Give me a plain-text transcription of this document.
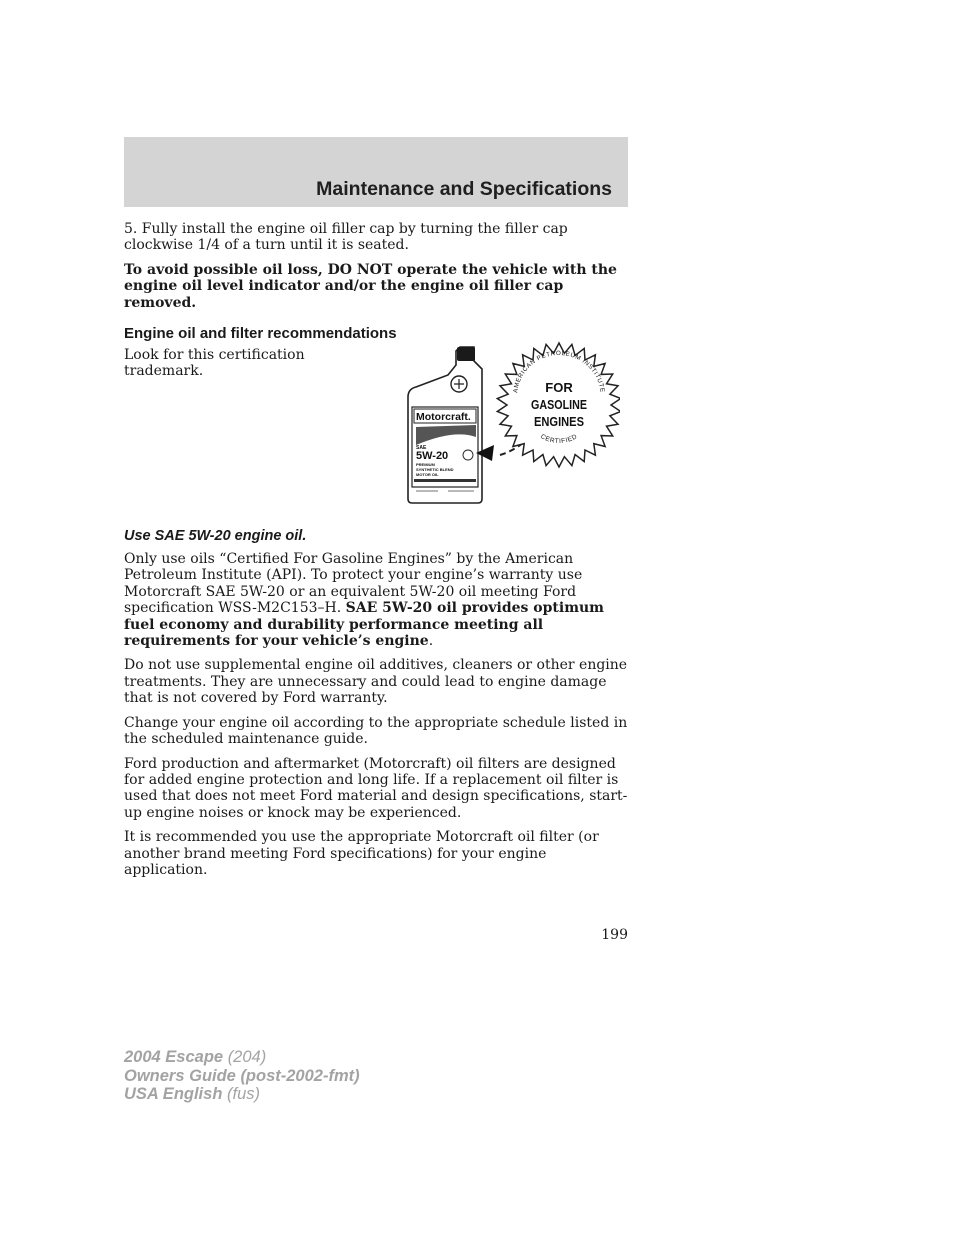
Maintenance and Specifications

5. Fully install the engine oil filler cap by turning the filler cap clockwise 1/4 of a turn until it is seated.

To avoid possible oil loss, DO NOT operate the vehicle with the engine oil level indicator and/or the engine oil filler cap removed.

Engine oil and filter recommendations

Look for this certification trademark.

Motorcraft.
SAE
5W-20
PREMIUM
SYNTHETIC BLEND
MOTOR OIL
AMERICAN PETROLEUM INSTITUTE
FOR
GASOLINE
ENGINES
CERTIFIED
Use SAE 5W-20 engine oil.

Only use oils “Certified For Gasoline Engines” by the American Petroleum Institute (API). To protect your engine’s warranty use Motorcraft SAE 5W-20 or an equivalent 5W-20 oil meeting Ford specification WSS-M2C153–H. SAE 5W-20 oil provides optimum fuel economy and durability performance meeting all requirements for your vehicle’s engine.

Do not use supplemental engine oil additives, cleaners or other engine treatments. They are unnecessary and could lead to engine damage that is not covered by Ford warranty.

Change your engine oil according to the appropriate schedule listed in the scheduled maintenance guide.

Ford production and aftermarket (Motorcraft) oil filters are designed for added engine protection and long life. If a replacement oil filter is used that does not meet Ford material and design specifications, start-up engine noises or knock may be experienced.

It is recommended you use the appropriate Motorcraft oil filter (or another brand meeting Ford specifications) for your engine application.

199
2004 Escape (204)
Owners Guide (post-2002-fmt)
USA English (fus)
